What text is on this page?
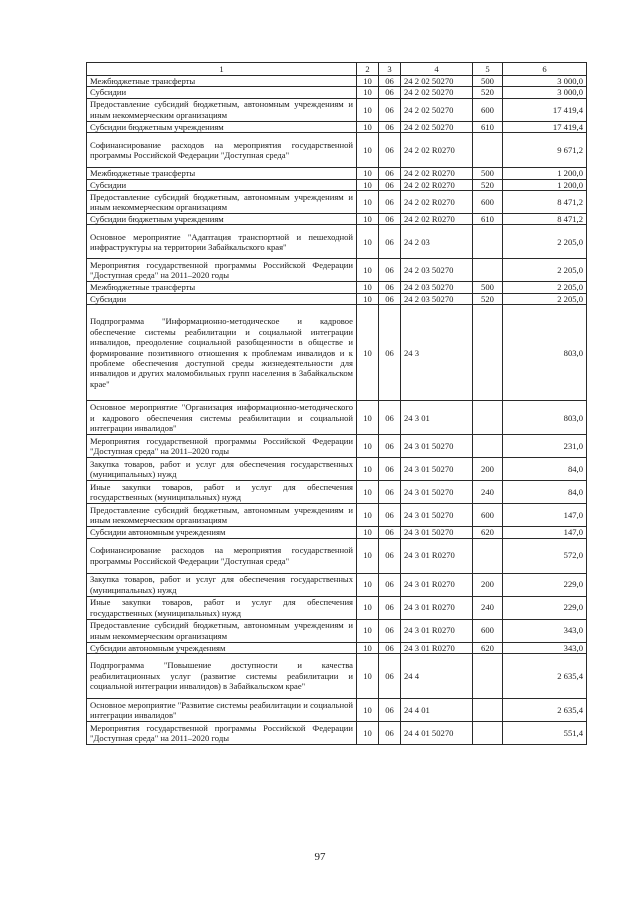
1	2	3	4	5	6
Межбюджетные трансферты	10	06	24 2 02 50270	500	3 000,0
Субсидии	10	06	24 2 02 50270	520	3 000,0
Предоставление субсидий бюджетным, автономным учреждениям и иным некоммерческим организациям	10	06	24 2 02 50270	600	17 419,4
Субсидии бюджетным учреждениям	10	06	24 2 02 50270	610	17 419,4
Софинансирование расходов на мероприятия государственной программы Российской Федерации "Доступная среда"	10	06	24 2 02 R0270		9 671,2
Межбюджетные трансферты	10	06	24 2 02 R0270	500	1 200,0
Субсидии	10	06	24 2 02 R0270	520	1 200,0
Предоставление субсидий бюджетным, автономным учреждениям и иным некоммерческим организациям	10	06	24 2 02 R0270	600	8 471,2
Субсидии бюджетным учреждениям	10	06	24 2 02 R0270	610	8 471,2
Основное мероприятие "Адаптация транспортной и пешеходной инфраструктуры на территории Забайкальского края"	10	06	24 2 03		2 205,0
Мероприятия государственной программы Российской Федерации "Доступная среда" на 2011–2020 годы	10	06	24 2 03 50270		2 205,0
Межбюджетные трансферты	10	06	24 2 03 50270	500	2 205,0
Субсидии	10	06	24 2 03 50270	520	2 205,0
Подпрограмма "Информационно-методическое и кадровое обеспечение системы реабилитации и социальной интеграции инвалидов, преодоление социальной разобщенности в обществе и формирование позитивного отношения к проблемам инвалидов и к проблеме обеспечения доступной среды жизнедеятельности для инвалидов и других маломобильных групп населения в Забайкальском крае"	10	06	24 3		803,0
Основное мероприятие "Организация информационно-методического и кадрового обеспечения системы реабилитации и социальной интеграции инвалидов"	10	06	24 3 01		803,0
Мероприятия государственной программы Российской Федерации "Доступная среда" на 2011–2020 годы	10	06	24 3 01 50270		231,0
Закупка товаров, работ и услуг для обеспечения государственных (муниципальных) нужд	10	06	24 3 01 50270	200	84,0
Иные закупки товаров, работ и услуг для обеспечения государственных (муниципальных) нужд	10	06	24 3 01 50270	240	84,0
Предоставление субсидий бюджетным, автономным учреждениям и иным некоммерческим организациям	10	06	24 3 01 50270	600	147,0
Субсидии автономным учреждениям	10	06	24 3 01 50270	620	147,0
Софинансирование расходов на мероприятия государственной программы Российской Федерации "Доступная среда"	10	06	24 3 01 R0270		572,0
Закупка товаров, работ и услуг для обеспечения государственных (муниципальных) нужд	10	06	24 3 01 R0270	200	229,0
Иные закупки товаров, работ и услуг для обеспечения государственных (муниципальных) нужд	10	06	24 3 01 R0270	240	229,0
Предоставление субсидий бюджетным, автономным учреждениям и иным некоммерческим организациям	10	06	24 3 01 R0270	600	343,0
Субсидии автономным учреждениям	10	06	24 3 01 R0270	620	343,0
Подпрограмма "Повышение доступности и качества реабилитационных услуг (развитие системы реабилитации и социальной интеграции инвалидов) в Забайкальском крае"	10	06	24 4		2 635,4
Основное мероприятие "Развитие системы реабилитации и социальной интеграции инвалидов"	10	06	24 4 01		2 635,4
Мероприятия государственной программы Российской Федерации "Доступная среда" на 2011–2020 годы	10	06	24 4 01 50270		551,4
97
